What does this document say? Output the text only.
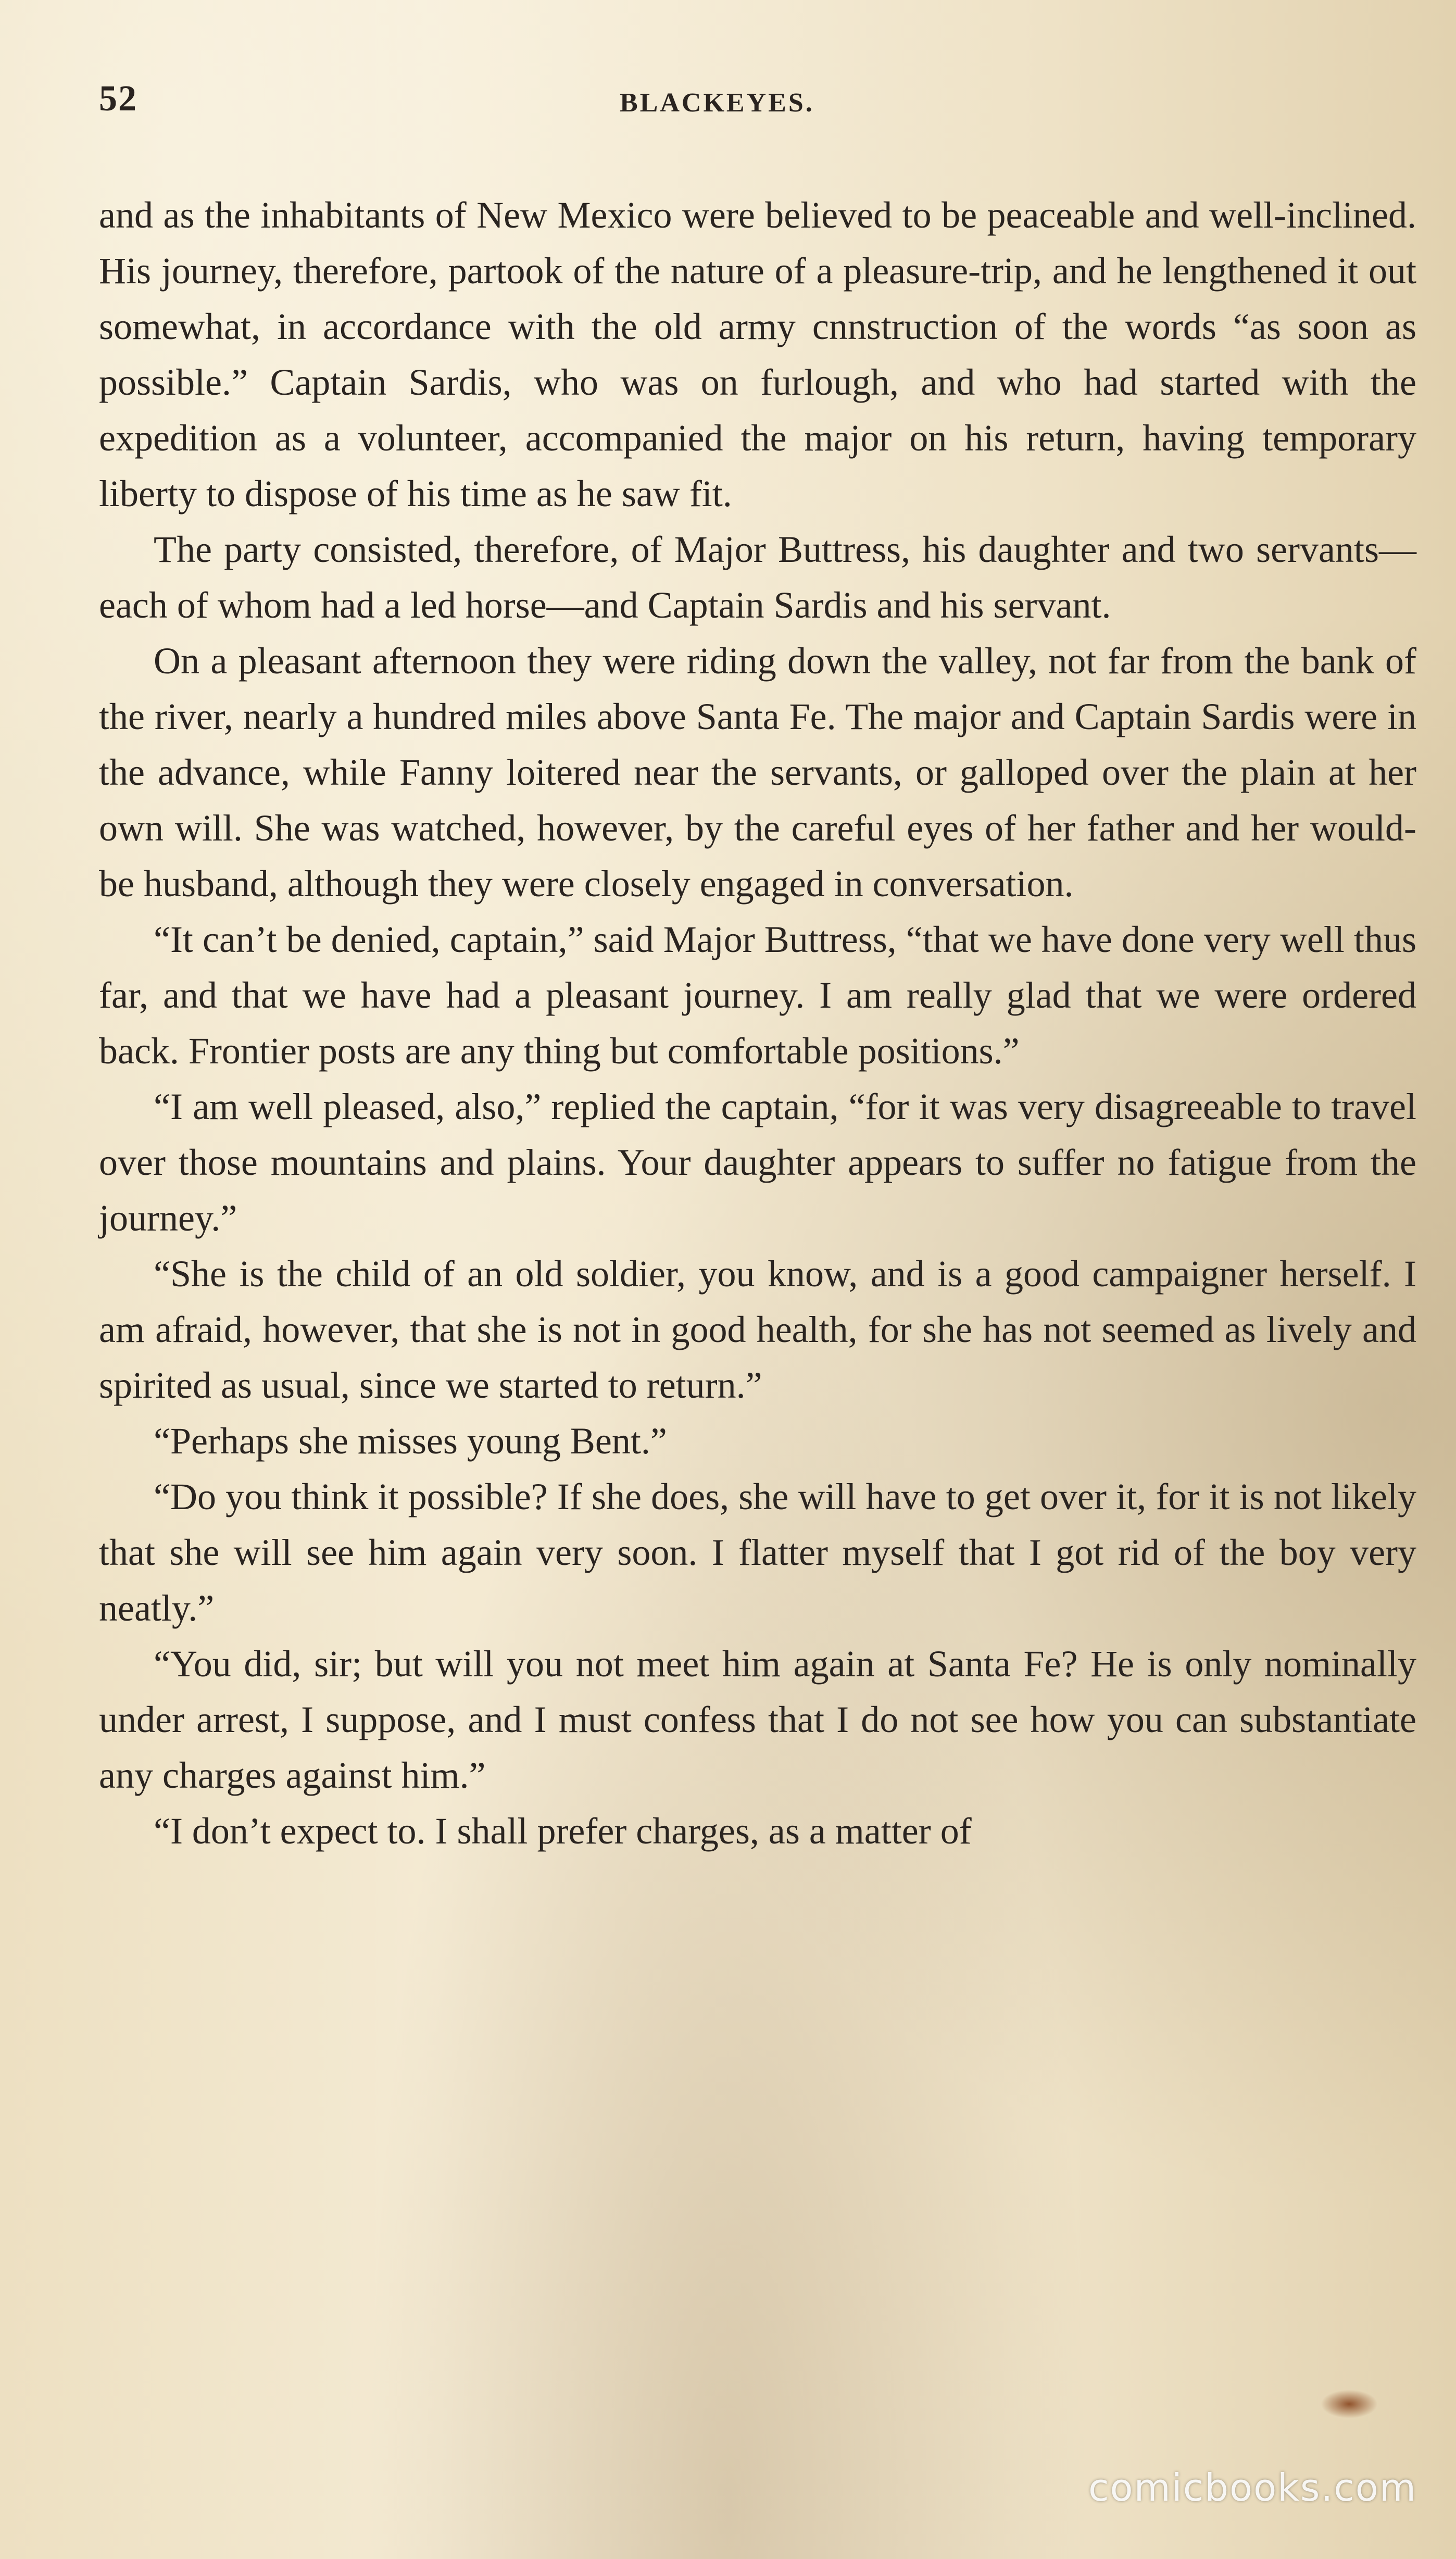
52	BLACKEYES.

and as the inhabitants of New Mexico were believed to be peaceable and well-inclined. His journey, therefore, partook of the nature of a pleasure-trip, and he lengthened it out somewhat, in accordance with the old army cnnstruction of the words “as soon as possible.” Captain Sardis, who was on furlough, and who had started with the expedition as a volunteer, accompanied the major on his return, having temporary liberty to dispose of his time as he saw fit.

The party consisted, therefore, of Major Buttress, his daughter and two servants—each of whom had a led horse—and Captain Sardis and his servant.

On a pleasant afternoon they were riding down the valley, not far from the bank of the river, nearly a hundred miles above Santa Fe. The major and Captain Sardis were in the advance, while Fanny loitered near the servants, or galloped over the plain at her own will. She was watched, however, by the careful eyes of her father and her would-be husband, although they were closely engaged in conversation.

“It can’t be denied, captain,” said Major Buttress, “that we have done very well thus far, and that we have had a pleasant journey. I am really glad that we were ordered back. Frontier posts are any thing but comfortable positions.”

“I am well pleased, also,” replied the captain, “for it was very disagreeable to travel over those mountains and plains. Your daughter appears to suffer no fatigue from the journey.”

“She is the child of an old soldier, you know, and is a good campaigner herself. I am afraid, however, that she is not in good health, for she has not seemed as lively and spirited as usual, since we started to return.”

“Perhaps she misses young Bent.”

“Do you think it possible? If she does, she will have to get over it, for it is not likely that she will see him again very soon. I flatter myself that I got rid of the boy very neatly.”

“You did, sir; but will you not meet him again at Santa Fe? He is only nominally under arrest, I suppose, and I must confess that I do not see how you can substantiate any charges against him.”

“I don’t expect to. I shall prefer charges, as a matter of

comicbooks.com
